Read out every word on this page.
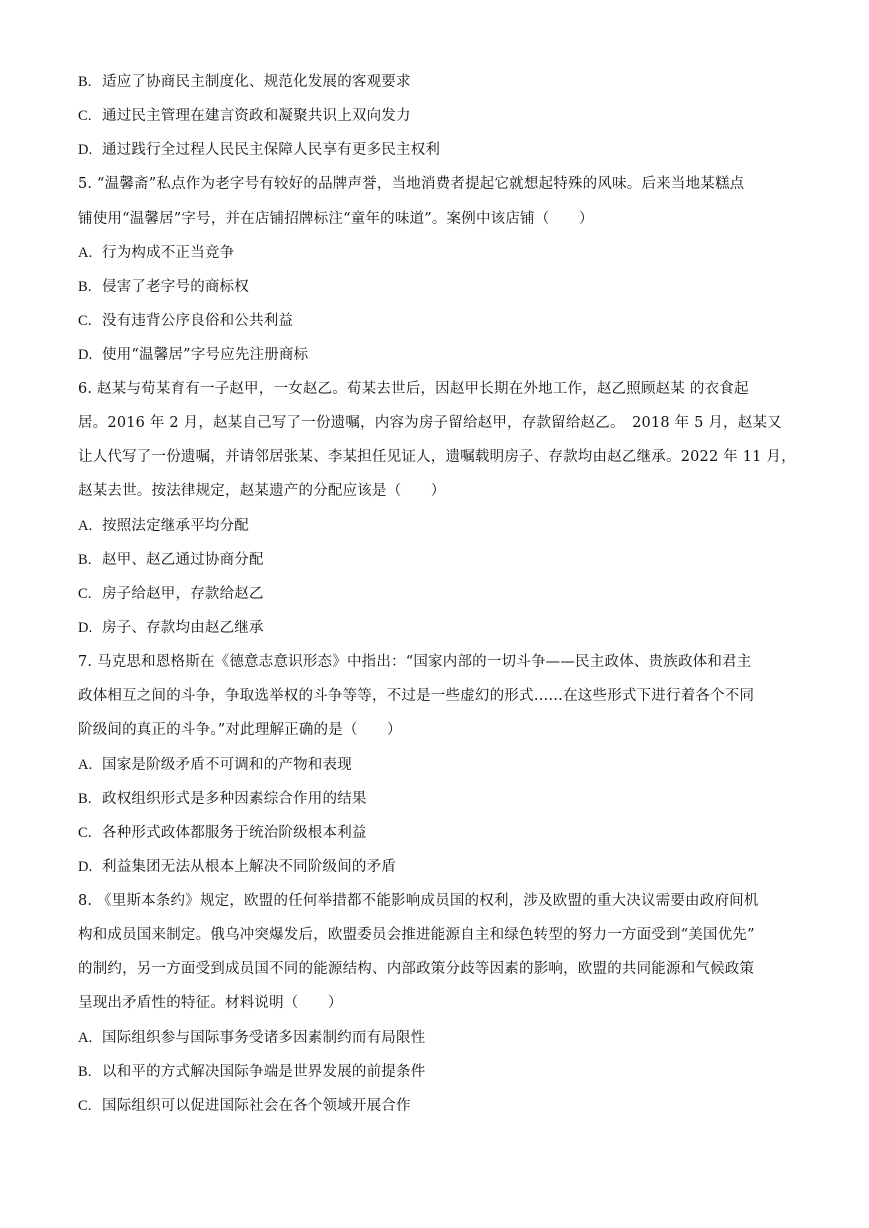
B. 适应了协商民主制度化、规范化发展的客观要求
C. 通过民主管理在建言资政和凝聚共识上双向发力
D. 通过践行全过程人民民主保障人民享有更多民主权利
5. “温馨斋”私点作为老字号有较好的品牌声誉，当地消费者提起它就想起特殊的风味。后来当地某糕点
铺使用“温馨居”字号，并在店铺招牌标注“童年的味道”。案例中该店铺（　　）
A. 行为构成不正当竞争
B. 侵害了老字号的商标权
C. 没有违背公序良俗和公共利益
D. 使用“温馨居”字号应先注册商标
6. 赵某与荀某育有一子赵甲，一女赵乙。荀某去世后，因赵甲长期在外地工作，赵乙照顾赵某 的衣食起
居。2016 年 2 月，赵某自己写了一份遗嘱，内容为房子留给赵甲，存款留给赵乙。　2018 年 5 月，赵某又
让人代写了一份遗嘱，并请邻居张某、李某担任见证人，遗嘱载明房子、存款均由赵乙继承。2022 年 11 月，
赵某去世。按法律规定，赵某遗产的分配应该是（　　）
A. 按照法定继承平均分配
B. 赵甲、赵乙通过协商分配
C. 房子给赵甲，存款给赵乙
D. 房子、存款均由赵乙继承
7. 马克思和恩格斯在《德意志意识形态》中指出：“国家内部的一切斗争——民主政体、贵族政体和君主
政体相互之间的斗争，争取选举权的斗争等等，不过是一些虚幻的形式……在这些形式下进行着各个不同
阶级间的真正的斗争。”对此理解正确的是（　　）
A. 国家是阶级矛盾不可调和的产物和表现
B. 政权组织形式是多种因素综合作用的结果
C. 各种形式政体都服务于统治阶级根本利益
D. 利益集团无法从根本上解决不同阶级间的矛盾
8. 《里斯本条约》规定，欧盟的任何举措都不能影响成员国的权利，涉及欧盟的重大决议需要由政府间机
构和成员国来制定。俄乌冲突爆发后，欧盟委员会推进能源自主和绿色转型的努力一方面受到“美国优先”
的制约，另一方面受到成员国不同的能源结构、内部政策分歧等因素的影响，欧盟的共同能源和气候政策
呈现出矛盾性的特征。材料说明（　　）
A. 国际组织参与国际事务受诸多因素制约而有局限性
B. 以和平的方式解决国际争端是世界发展的前提条件
C. 国际组织可以促进国际社会在各个领域开展合作
